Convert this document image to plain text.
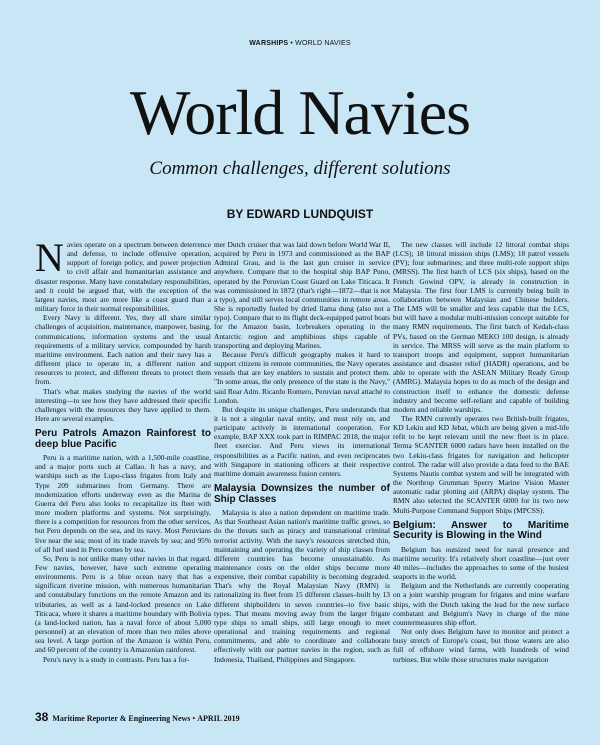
WARSHIPS • WORLD NAVIES
World Navies
Common challenges, different solutions
BY EDWARD LUNDQUIST

Navies operate on a spectrum between deterrence and defense, to include offensive operation, support of foreign policy, and power projection to civil affair and humanitarian assistance and disaster response. Many have constabulary responsibilities, and it could be argued that, with the exception of the largest navies, most are more like a coast guard than a military force in their normal responsibilities.

Every Navy is different. Yes, they all share similar challenges of acquisition, maintenance, manpower, basing, communications, information systems and the usual requirements of a military service, compounded by harsh maritime environment. Each nation and their navy has a different place to operate in, a different nation and resources to protect, and different threats to protect them from.

That's what makes studying the navies of the world interesting—to see how they have addressed their specific challenges with the resources they have applied to them. Here are several examples.

Peru Patrols Amazon Rainforest to deep blue Pacific

Peru is a maritime nation, with a 1,500-mile coastline, and a major ports such at Callao. It has a navy, and warships such as the Lupo-class frigates from Italy and Type 209 submarines from Germany. There are modernization efforts underway even as the Marina de Guerra del Peru also looks to recapitalize its fleet with more modern platforms and systems. Not surprisingly, there is a competition for resources from the other services, but Peru depends on the sea, and its navy. Most Peruvians live near the sea; most of its trade travels by sea; and 95% of all fuel used in Peru comes by sea.

So, Peru is not unlike many other navies in that regard. Few navies, however, have such extreme operating environments. Peru is a blue ocean navy that has a significant riverine mission, with numerous humanitarian and constabulary functions on the remote Amazon and its tributaries, as well as a land-locked presence on Lake Titicaca, where it shares a maritime boundary with Bolivia (a land-locked nation, has a naval force of about 5,000 personnel) at an elevation of more than two miles above sea level. A large portion of the Amazon is within Peru, and 60 percent of the country is Amazonian rainforest.

Peru's navy is a study in contrasts. Peru has a for-

mer Dutch cruiser that was laid down before World War II, acquired by Peru in 1973 and commissioned as the BAP Admiral Grau, and is the last gun cruiser in service anywhere. Compare that to the hospital ship BAP Puno, operated by the Peruvian Coast Guard on Lake Titicaca. It was commissioned in 1872 (that's right—1872—that is not a typo), and still serves local communities in remote areas. She is reportedly fueled by dried llama dung (also not a typo). Compare that to its flight deck-equipped patrol boats for the Amazon basin, Icebreakers operating in the Antarctic region and amphibious ships capable of transporting and deploying Marines.

Because Peru's difficult geography makes it hard to support citizens in remote communities, the Navy operates vessels that are key enablers to sustain and protect them. "In some areas, the only presence of the state is the Navy," said Rear Adm. Ricardo Romero, Peruvian naval attaché to London.

But despite its unique challenges, Peru understands that it is not a singular naval entity, and must rely on, and participate actively in international cooperation. For example, BAP XXX took part in RIMPAC 2018, the major fleet exercise. And Peru views its international responsibilities as a Pacific nation, and even reciprocates with Singapore in stationing officers at their respective maritime domain awareness fusion centers.

Malaysia Downsizes the number of Ship Classes

Malaysia is also a nation dependent on maritime trade. As that Southeast Asian nation's maritime traffic grows, so do the threats such as piracy and transnational criminal terrorist activity. With the navy's resources stretched thin, maintaining and operating the variety of ship classes from different countries has become unsustainable. As maintenance costs on the older ships become more expensive, their combat capability is becoming degraded. That's why the Royal Malaysian Navy (RMN) is rationalizing its fleet from 15 different classes–built by 13 different shipbuilders in seven countries--to five basic types. That means moving away from the larger frigate type ships to small ships, still large enough to meet operational and training requirements and regional commitments, and able to coordinate and collaborate effectively with our partner navies in the region, such as Indonesia, Thailand, Philippines and Singapore.

The new classes will include 12 littoral combat ships (LCS); 18 littoral mission ships (LMS); 18 patrol vessels (PV); four submarines; and three multi-role support ships (MRSS). The first batch of LCS (six ships), based on the French Gowind OPV, is already in construction in Malaysia. The first four LMS is currently being built in collaboration between Malaysian and Chinese builders. The LMS will be smaller and less capable that the LCS, but will have a modular multi-mission concept suitable for many RMN requirements. The first batch of Kedah-class PVs, based on the German MEKO 100 design, is already in service. The MRSS will serve as the main platform to transport troops and equipment, support humanitarian assistance and disaster relief (HADR) operations, and be able to operate with the ASEAN Military Ready Group (AMRG). Malaysia hopes to do as much of the design and construction itself to enhance the domestic defense industry and become self-reliant and capable of building modern and reliable warships.

The RMN currently operates two British-built frigates, KD Lekiu and KD Jebat, which are being given a mid-life refit to be kept relevant until the new fleet is in place. Terma SCANTER 6000 radars have been installed on the two Lekiu-class frigates for navigation and helicopter control. The radar will also provide a data feed to the BAE Systems Nautis combat system and will be integrated with the Northrop Grumman Sperry Marine Vision Master automatic radar plotting aid (ARPA) display system. The RMN also selected the SCANTER 6000 for its two new Multi-Purpose Command Support Ships (MPCSS).

Belgium: Answer to Maritime Security is Blowing in the Wind

Belgium has outsized need for naval presence and maritime security. It's relatively short coastline—just over 40 miles—includes the approaches to some of the busiest seaports in the world.

Belgium and the Netherlands are currently cooperating on a joint warship program for frigates and mine warfare ships, with the Dutch taking the lead for the new surface combatant and Belgium's Navy in charge of the mine countermeasures ship effort.

Not only does Belgium have to monitor and protect a busy stretch of Europe's coast, but those waters are also full of offshore wind farms, with hundreds of wind turbines. But while those structures make navigation

38 Maritime Reporter & Engineering News • APRIL 2019
